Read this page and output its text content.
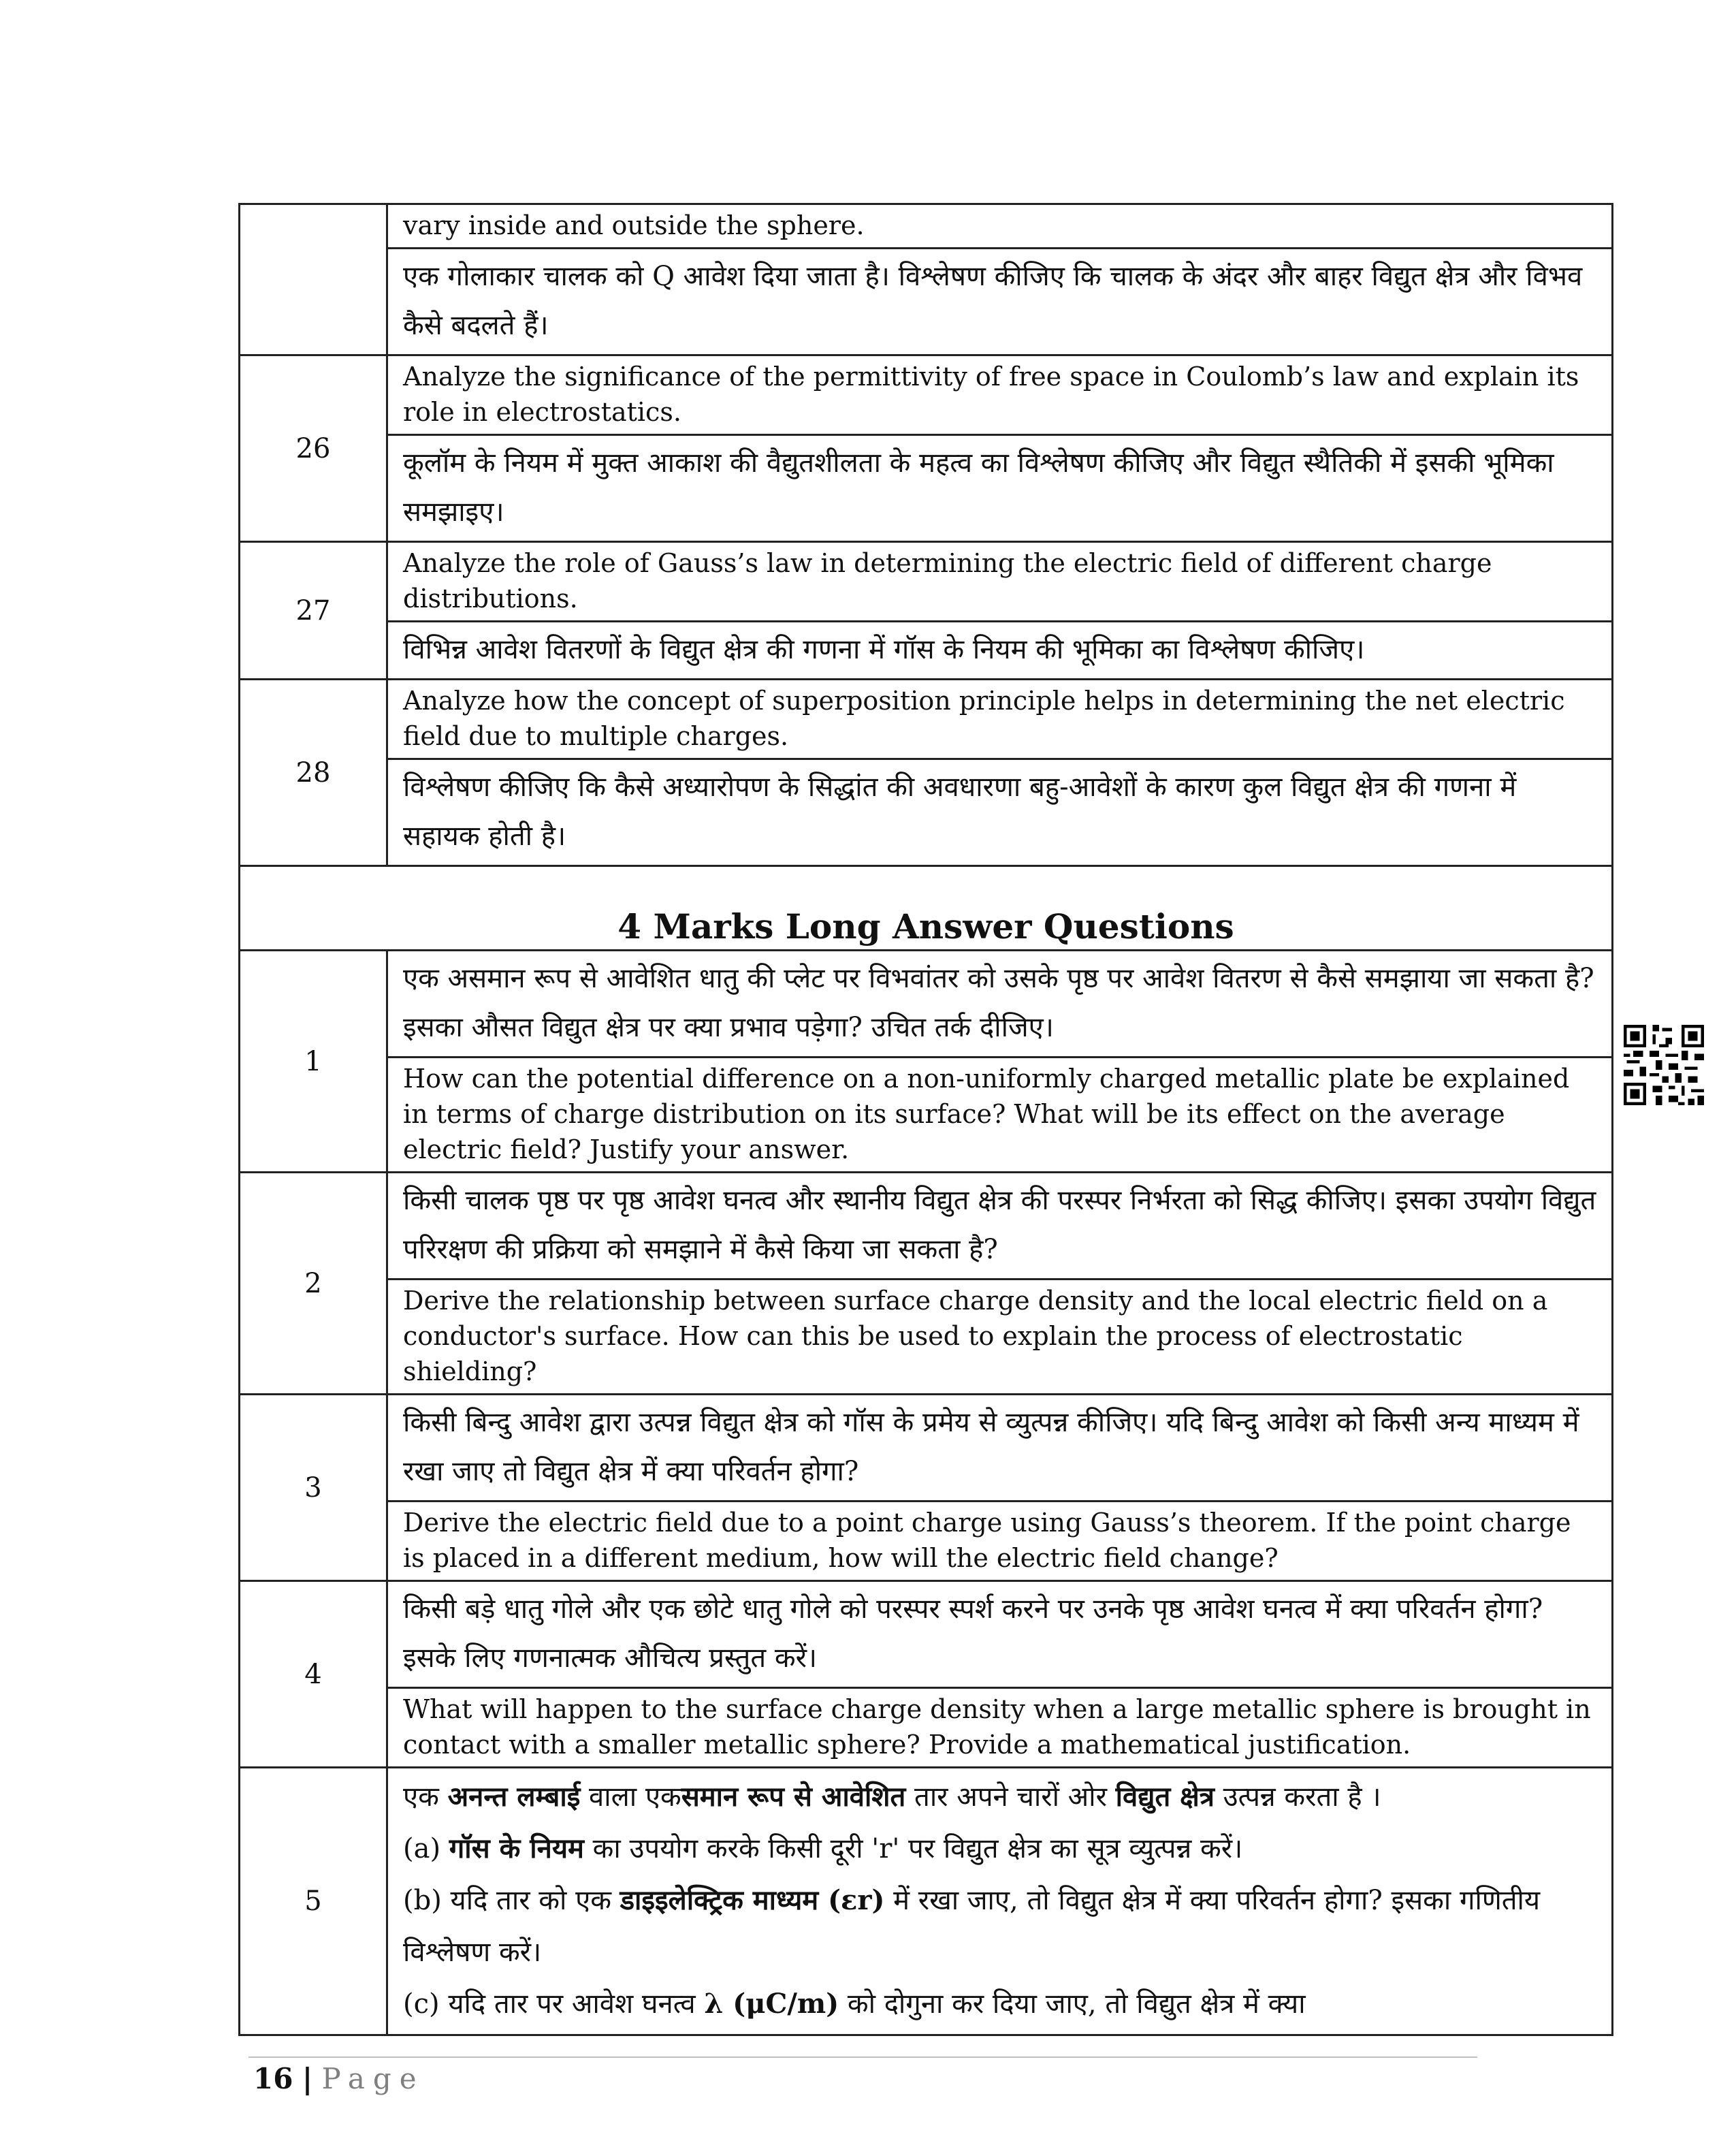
	vary inside and outside the sphere.
	एक गोलाकार चालक को Q आवेश दिया जाता है। विश्लेषण कीजिए कि चालक के अंदर और बाहर विद्युत क्षेत्र और विभव कैसे बदलते हैं।
26	Analyze the significance of the permittivity of free space in Coulomb’s law and explain its role in electrostatics.
	कूलॉम के नियम में मुक्त आकाश की वैद्युतशीलता के महत्व का विश्लेषण कीजिए और विद्युत स्थैतिकी में इसकी भूमिका समझाइए।
27	Analyze the role of Gauss’s law in determining the electric field of different charge distributions.
	विभिन्न आवेश वितरणों के विद्युत क्षेत्र की गणना में गॉस के नियम की भूमिका का विश्लेषण कीजिए।
28	Analyze how the concept of superposition principle helps in determining the net electric field due to multiple charges.
	विश्लेषण कीजिए कि कैसे अध्यारोपण के सिद्धांत की अवधारणा बहु-आवेशों के कारण कुल विद्युत क्षेत्र की गणना में सहायक होती है।
4 Marks Long Answer Questions	
1	एक असमान रूप से आवेशित धातु की प्लेट पर विभवांतर को उसके पृष्ठ पर आवेश वितरण से कैसे समझाया जा सकता है? इसका औसत विद्युत क्षेत्र पर क्या प्रभाव पड़ेगा? उचित तर्क दीजिए।
	How can the potential difference on a non-uniformly charged metallic plate be explained in terms of charge distribution on its surface? What will be its effect on the average electric field? Justify your answer.
2	किसी चालक पृष्ठ पर पृष्ठ आवेश घनत्व और स्थानीय विद्युत क्षेत्र की परस्पर निर्भरता को सिद्ध कीजिए। इसका उपयोग विद्युत परिरक्षण की प्रक्रिया को समझाने में कैसे किया जा सकता है?
	Derive the relationship between surface charge density and the local electric field on a conductor's surface. How can this be used to explain the process of electrostatic shielding?
3	किसी बिन्दु आवेश द्वारा उत्पन्न विद्युत क्षेत्र को गॉस के प्रमेय से व्युत्पन्न कीजिए। यदि बिन्दु आवेश को किसी अन्य माध्यम में रखा जाए तो विद्युत क्षेत्र में क्या परिवर्तन होगा?
	Derive the electric field due to a point charge using Gauss’s theorem. If the point charge is placed in a different medium, how will the electric field change?
4	किसी बड़े धातु गोले और एक छोटे धातु गोले को परस्पर स्पर्श करने पर उनके पृष्ठ आवेश घनत्व में क्या परिवर्तन होगा? इसके लिए गणनात्मक औचित्य प्रस्तुत करें।
	What will happen to the surface charge density when a large metallic sphere is brought in contact with a smaller metallic sphere? Provide a mathematical justification.
5	एक अनन्त लम्बाई वाला एकसमान रूप से आवेशित तार अपने चारों ओर विद्युत क्षेत्र उत्पन्न करता है ।
(a) गॉस के नियम का उपयोग करके किसी दूरी 'r' पर विद्युत क्षेत्र का सूत्र व्युत्पन्न करें।
(b) यदि तार को एक डाइइलेक्ट्रिक माध्यम (εr) में रखा जाए, तो विद्युत क्षेत्र में क्या परिवर्तन होगा? इसका गणितीय विश्लेषण करें।
(c) यदि तार पर आवेश घनत्व λ (μC/m) को दोगुना कर दिया जाए, तो विद्युत क्षेत्र में क्या
16 | Page
